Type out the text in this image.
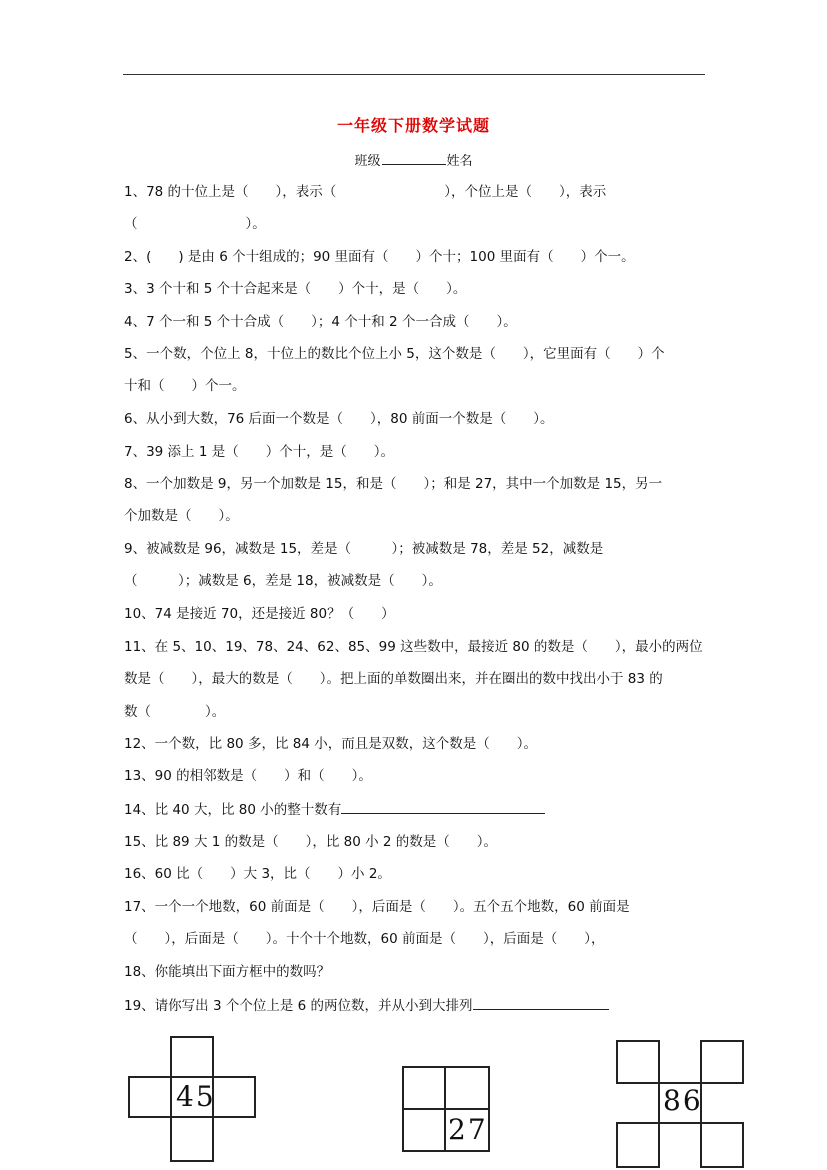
一年级下册数学试题
班级	姓名
1、78 的十位上是（　　），表示（　　　　　　　　），个位上是（　　），表示
（　　　　　　　　）。
2、(　　) 是由 6 个十组成的；90 里面有（　　）个十；100 里面有（　　）个一。
3、3 个十和 5 个十合起来是（　　）个十，是（　　）。
4、7 个一和 5 个十合成（　　）；4 个十和 2 个一合成（　　）。
5、一个数，个位上 8，十位上的数比个位上小 5，这个数是（　　），它里面有（　　）个
十和（　　）个一。
6、从小到大数，76 后面一个数是（　　），80 前面一个数是（　　）。
7、39 添上 1 是（　　）个十，是（　　）。
8、一个加数是 9，另一个加数是 15，和是（　　）；和是 27，其中一个加数是 15，另一
个加数是（　　）。
9、被减数是 96，减数是 15，差是（　　　）；被减数是 78，差是 52，减数是
（　　　）；减数是 6，差是 18，被减数是（　　）。
10、74 是接近 70，还是接近 80？（　　）
11、在 5、10、19、78、24、62、85、99 这些数中，最接近 80 的数是（　　），最小的两位
数是（　　），最大的数是（　　）。把上面的单数圈出来，并在圈出的数中找出小于 83 的
数（　　　　）。
12、一个数，比 80 多，比 84 小，而且是双数，这个数是（　　）。
13、90 的相邻数是（　　）和（　　）。
14、比 40 大，比 80 小的整十数有
15、比 89 大 1 的数是（　　），比 80 小 2 的数是（　　）。
16、60 比（　　）大 3，比（　　）小 2。
17、一个一个地数，60 前面是（　　），后面是（　　）。五个五个地数，60 前面是
（　　），后面是（　　）。十个十个地数，60 前面是（　　），后面是（　　），
18、你能填出下面方框中的数吗？
19、请你写出 3 个个位上是 6 的两位数，并从小到大排列
45
27
86
